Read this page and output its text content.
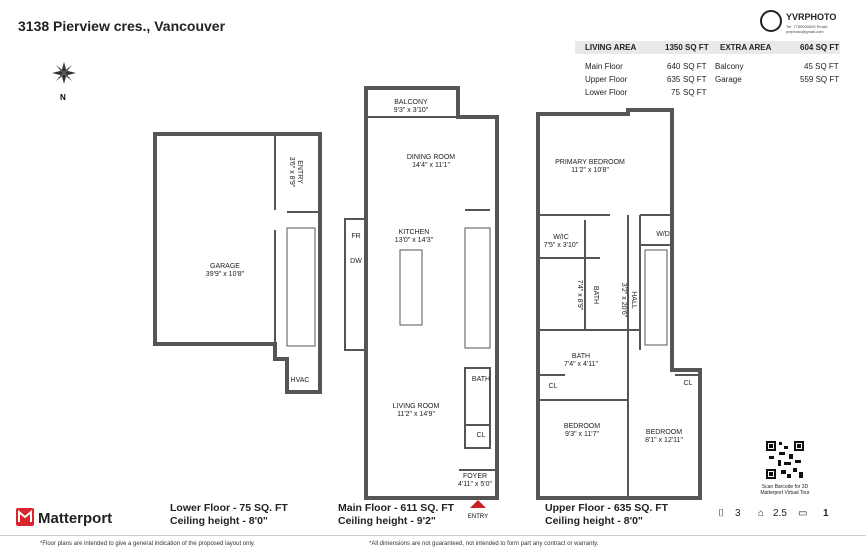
3138 Pierview cres., Vancouver
YVRPHOTO
Tel: 7789000000 Email: yvrphoto@gmail.com
LIVING AREA	1350 SQ FT EXTRA AREA	604 SQ FT
Main Floor	640 SQ FT Balcony	45 SQ FT
Upper Floor	635 SQ FT Garage	559 SQ FT
Lower Floor	75 SQ FT
N
GARAGE
39'9" x 10'8"
ENTRY
3'6" x 8'9"
HVAC
BALCONY
9'3" x 3'10"
DINING ROOM
14'4" x 11'1"
KITCHEN
13'0" x 14'3"
FR
DW
LIVING ROOM
11'2" x 14'9"
BATH
CL
FOYER
4'11" x 5'0"
PRIMARY BEDROOM
11'2" x 10'8"
W/IC
7'5" x 3'10"
BATH
7'4" x 8'9"	HALL
3'2" x 20'6"
W/D
BATH
7'4" x 4'11"
CL	CL
BEDROOM
9'3" x 11'7"	BEDROOM
8'1" x 12'11"
ENTRY
Lower Floor - 75 SQ. FT
Ceiling height - 8'0"
Main Floor - 611 SQ. FT
Ceiling height - 9'2"
Upper Floor - 635 SQ. FT
Ceiling height - 8'0"
Matterport
Scan Barcode for 3D Matterport Virtual Tour
⌷ 3 ⌂ 2.5 ▭ 1
*Floor plans are intended to give a general indication of the proposed layout only.	*All dimensions are not guaranteed, not intended to form part any contract or warranty.
